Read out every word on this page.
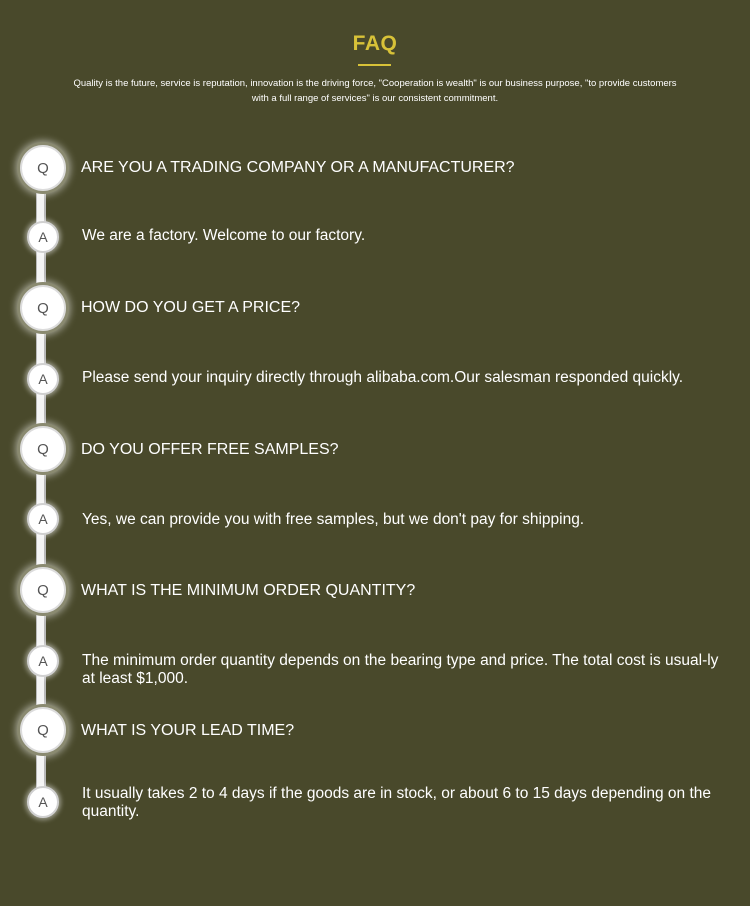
FAQ
Quality is the future, service is reputation, innovation is the driving force, "Cooperation is wealth" is our business purpose, "to provide customers with a full range of services" is our consistent commitment.
Q	ARE YOU A TRADING COMPANY OR A MANUFACTURER?
A	We are a factory. Welcome to our factory.
Q	HOW DO YOU GET A PRICE?
A	Please send your inquiry directly through alibaba.com.Our salesman responded quickly.
Q	DO YOU OFFER FREE SAMPLES?
A	Yes, we can provide you with free samples, but we don't pay for shipping.
Q	WHAT IS THE MINIMUM ORDER QUANTITY?
A	The minimum order quantity depends on the bearing type and price. The total cost is usual-ly at least $1,000.
Q	WHAT IS YOUR LEAD TIME?
A	It usually takes 2 to 4 days if the goods are in stock, or about 6 to 15 days depending on the quantity.
